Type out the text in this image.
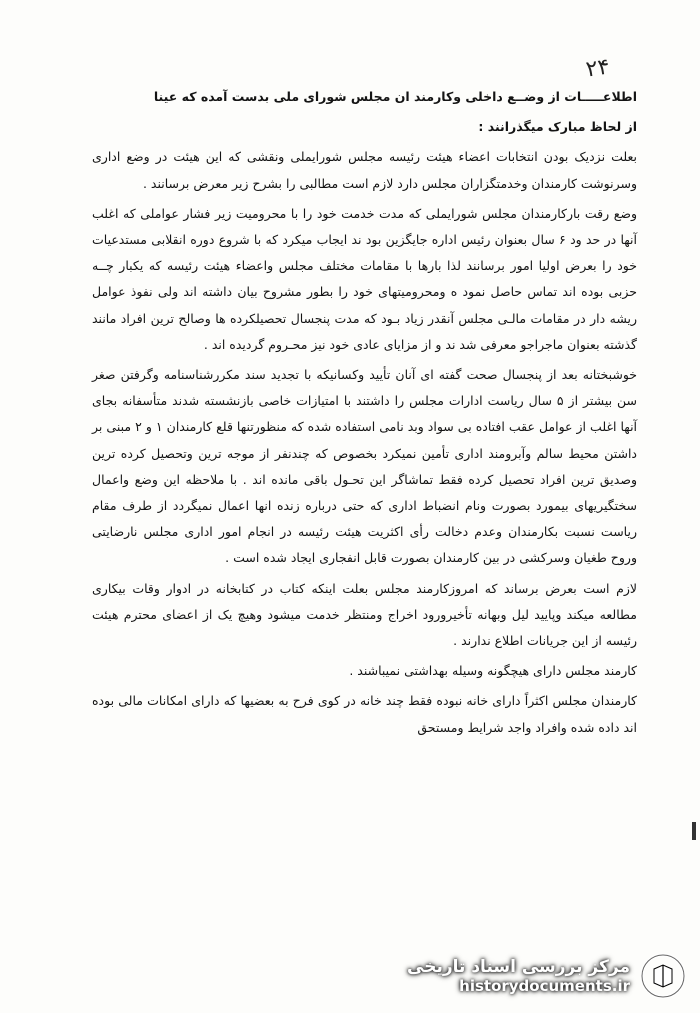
۲۴

اطلاعـــــات از وضــع داخلی وکارمند ان مجلس شورای ملی بدست آمده که عینا

از لحاظ مبارک میگذرانند :

بعلت نزدیک بودن انتخابات اعضاء هیئت رئیسه مجلس شورایملی ونقشی که این هیئت در وضع اداری وسرنوشت کارمندان وخدمتگزاران مجلس دارد لازم است مطالبی را بشرح زیر معرض برسانند .

وضع رقت بارکارمندان مجلس شورایملی که مدت خدمت خود را با محرومیت زیر فشار عواملی که اغلب آنها در حد ود ۶ سال بعنوان رئیس اداره جایگزین بود ند ایجاب میکرد که با شروع دوره انقلابی مستدعیات خود را بعرض اولیا امور برسانند لذا بارها با مقامات مختلف مجلس واعضاء هیئت رئیسه که یکبار چــه حزبی بوده اند تماس حاصل نمود ه ومحرومیتهای خود را بطور مشروح بیان داشته اند ولی نفوذ عوامل ریشه دار در مقامات مالـی مجلس آنقدر زیاد بـود که مدت پنجسال تحصیلکرده ها وصالح ترین افراد مانند گذشته بعنوان ماجراجو معرفی شد ند و از مزایای عادی خود نیز محـروم گردیده اند .

خوشبختانه بعد از پنجسال صحت گفته ای آنان تأیید وکسانیکه با تجدید سند مکررشناسنامه وگرفتن صغر سن بیشتر از ۵ سال ریاست ادارات مجلس را داشتند با امتیازات خاصی بازنشسته شدند متأسفانه بجای آنها اغلب از عوامل عقب افتاده بی سواد وبد نامی استفاده شده که منظورتنها قلع کارمندان ۱ و ۲ مبنی بر داشتن محیط سالم وآبرومند اداری تأمین نمیکرد بخصوص که چندنفر از موجه ترین وتحصیل کرده ترین وصدیق ترین افراد تحصیل کرده فقط تماشاگر این تحـول باقی مانده اند . با ملاحظه این وضع واعمال سختگیریهای بیمورد بصورت ونام انضباط اداری که حتی درباره زنده انها اعمال نمیگردد از طرف مقام ریاست نسبت بکارمندان وعدم دخالت رأی اکثریت هیئت رئیسه در انجام امور اداری مجلس نارضایتی وروح طغیان وسرکشی در بین کارمندان بصورت قابل انفجاری ایجاد شده است .

لازم است بعرض برساند که امروزکارمند مجلس بعلت اینکه کتاب در کتابخانه در ادوار وقات بیکاری مطالعه میکند وپایید لیل وبهانه تأخیرورود اخراج ومنتظر خدمت میشود وهیچ یک از اعضای محترم هیئت رئیسه از این جریانات اطلاع ندارند .

کارمند مجلس دارای هیچگونه وسیله بهداشتی نمیباشند .

کارمندان مجلس اکثراً دارای خانه نبوده فقط چند خانه در کوی فرح به بعضیها که دارای امکانات مالی بوده اند داده شده وافراد واجد شرایط ومستحق

مرکز بررسی اسناد تاریخی
historydocuments.ir
